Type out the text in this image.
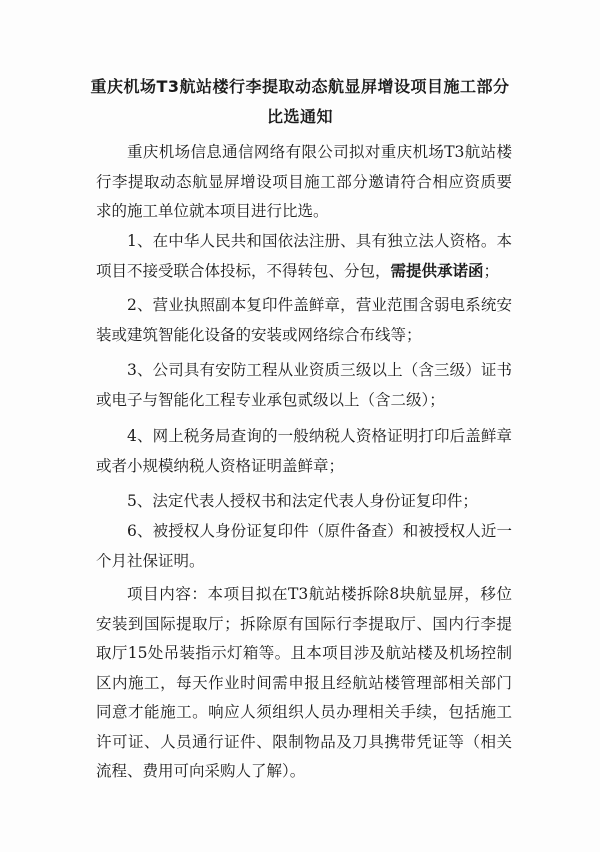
重庆机场T3航站楼行李提取动态航显屏增设项目施工部分
比选通知

重庆机场信息通信网络有限公司拟对重庆机场T3航站楼行李提取动态航显屏增设项目施工部分邀请符合相应资质要求的施工单位就本项目进行比选。

1、在中华人民共和国依法注册、具有独立法人资格。本项目不接受联合体投标，不得转包、分包，需提供承诺函；

2、营业执照副本复印件盖鲜章，营业范围含弱电系统安装或建筑智能化设备的安装或网络综合布线等；

3、公司具有安防工程从业资质三级以上（含三级）证书或电子与智能化工程专业承包贰级以上（含二级）；

4、网上税务局查询的一般纳税人资格证明打印后盖鲜章或者小规模纳税人资格证明盖鲜章；

5、法定代表人授权书和法定代表人身份证复印件；

6、被授权人身份证复印件（原件备查）和被授权人近一个月社保证明。

项目内容：本项目拟在T3航站楼拆除8块航显屏，移位安装到国际提取厅；拆除原有国际行李提取厅、国内行李提取厅15处吊装指示灯箱等。且本项目涉及航站楼及机场控制区内施工，每天作业时间需申报且经航站楼管理部相关部门同意才能施工。响应人须组织人员办理相关手续，包括施工许可证、人员通行证件、限制物品及刀具携带凭证等（相关流程、费用可向采购人了解）。
